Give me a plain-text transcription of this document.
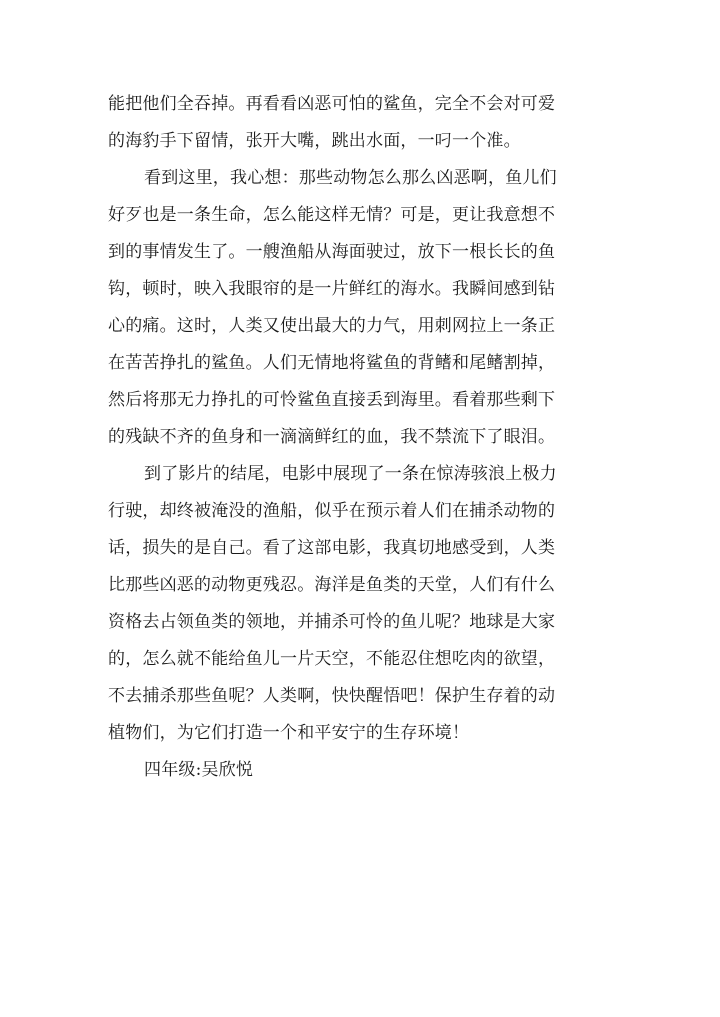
能把他们全吞掉。再看看凶恶可怕的鲨鱼，完全不会对可爱
的海豹手下留情，张开大嘴，跳出水面，一叼一个准。
看到这里，我心想：那些动物怎么那么凶恶啊，鱼儿们
好歹也是一条生命，怎么能这样无情？可是，更让我意想不
到的事情发生了。一艘渔船从海面驶过，放下一根长长的鱼
钩，顿时，映入我眼帘的是一片鲜红的海水。我瞬间感到钻
心的痛。这时，人类又使出最大的力气，用刺网拉上一条正
在苦苦挣扎的鲨鱼。人们无情地将鲨鱼的背鳍和尾鳍割掉，
然后将那无力挣扎的可怜鲨鱼直接丢到海里。看着那些剩下
的残缺不齐的鱼身和一滴滴鲜红的血，我不禁流下了眼泪。
到了影片的结尾，电影中展现了一条在惊涛骇浪上极力
行驶，却终被淹没的渔船，似乎在预示着人们在捕杀动物的
话，损失的是自己。看了这部电影，我真切地感受到，人类
比那些凶恶的动物更残忍。海洋是鱼类的天堂，人们有什么
资格去占领鱼类的领地，并捕杀可怜的鱼儿呢？地球是大家
的，怎么就不能给鱼儿一片天空，不能忍住想吃肉的欲望，
不去捕杀那些鱼呢？人类啊，快快醒悟吧！保护生存着的动
植物们，为它们打造一个和平安宁的生存环境！
四年级:吴欣悦
